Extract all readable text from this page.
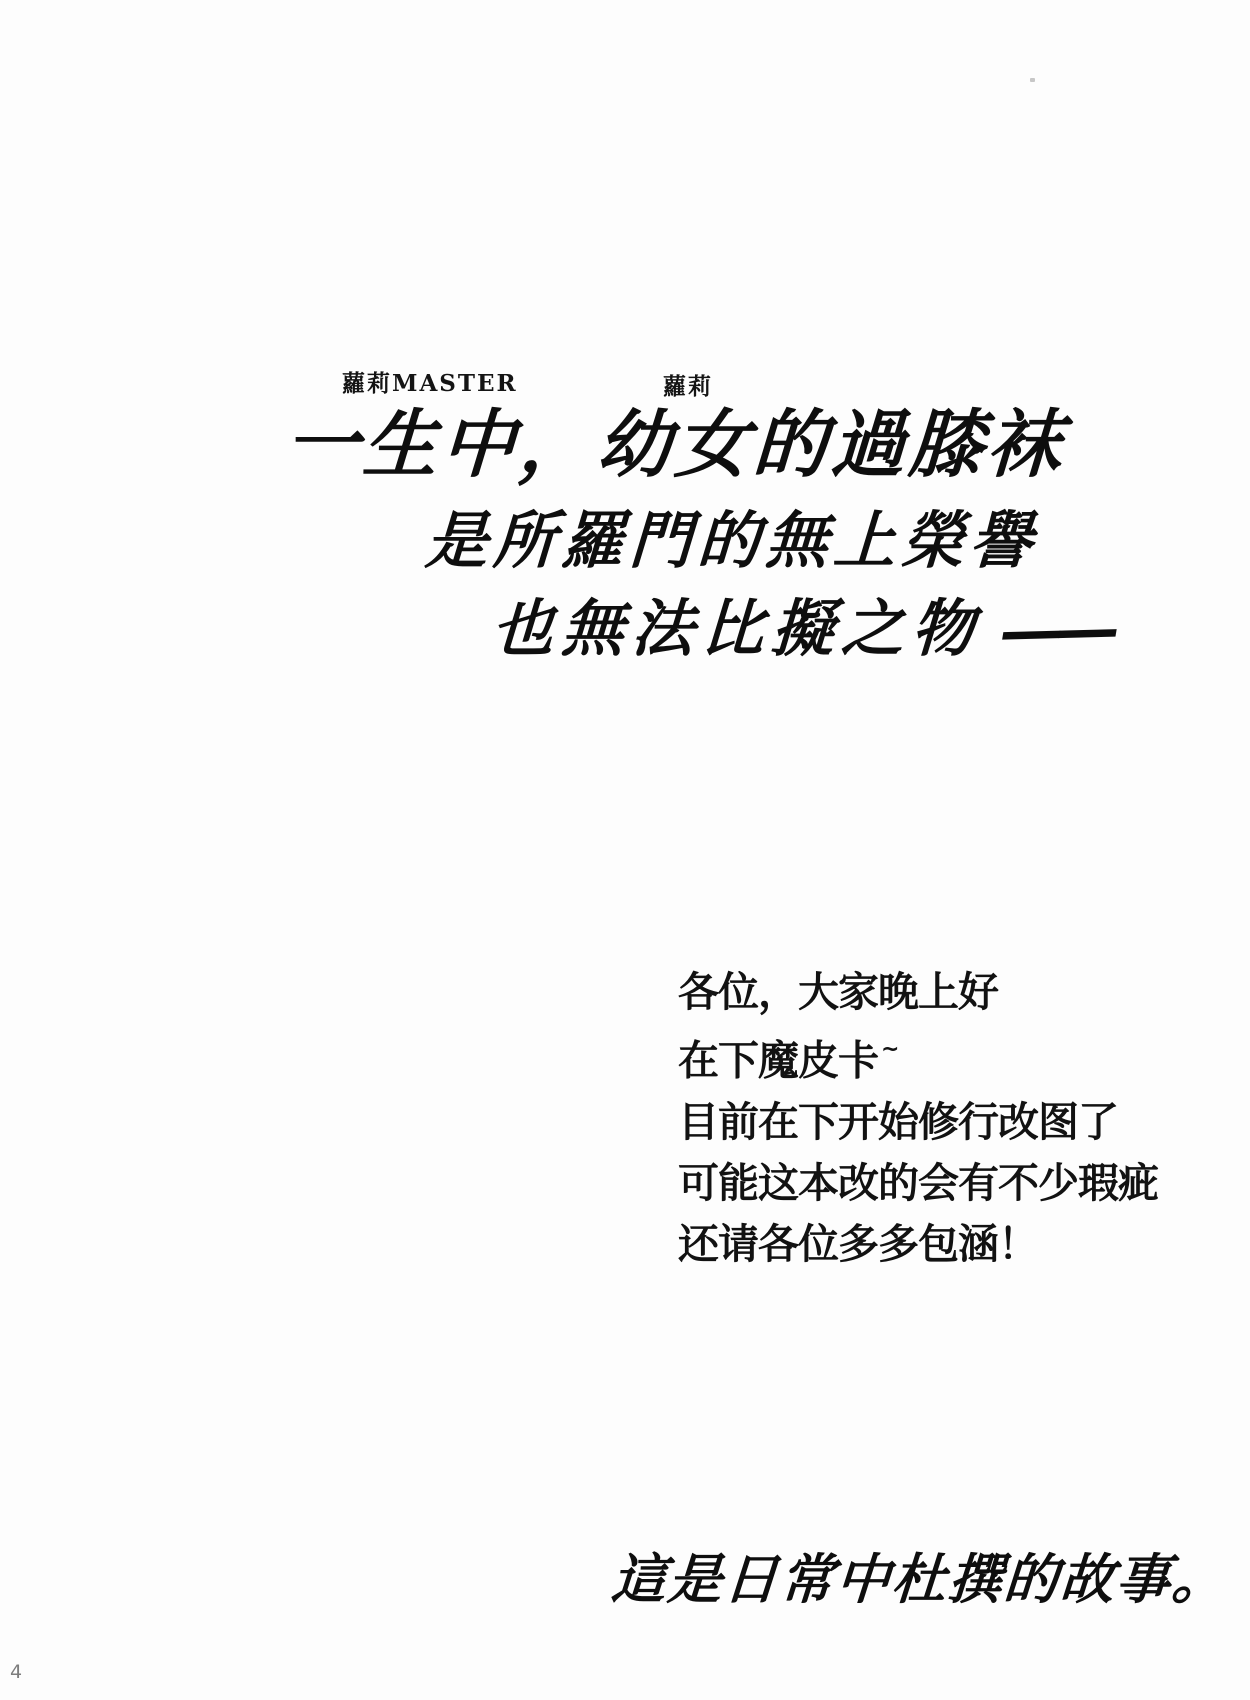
蘿莉MASTER	蘿莉
一生中，幼女的過膝袜
是所羅門的無上榮譽
也無法比擬之物 ——
各位，大家晚上好
在下魔皮卡 ~
目前在下开始修行改图了
可能这本改的会有不少瑕疵
还请各位多多包涵！
這是日常中杜撰的故事。
4
